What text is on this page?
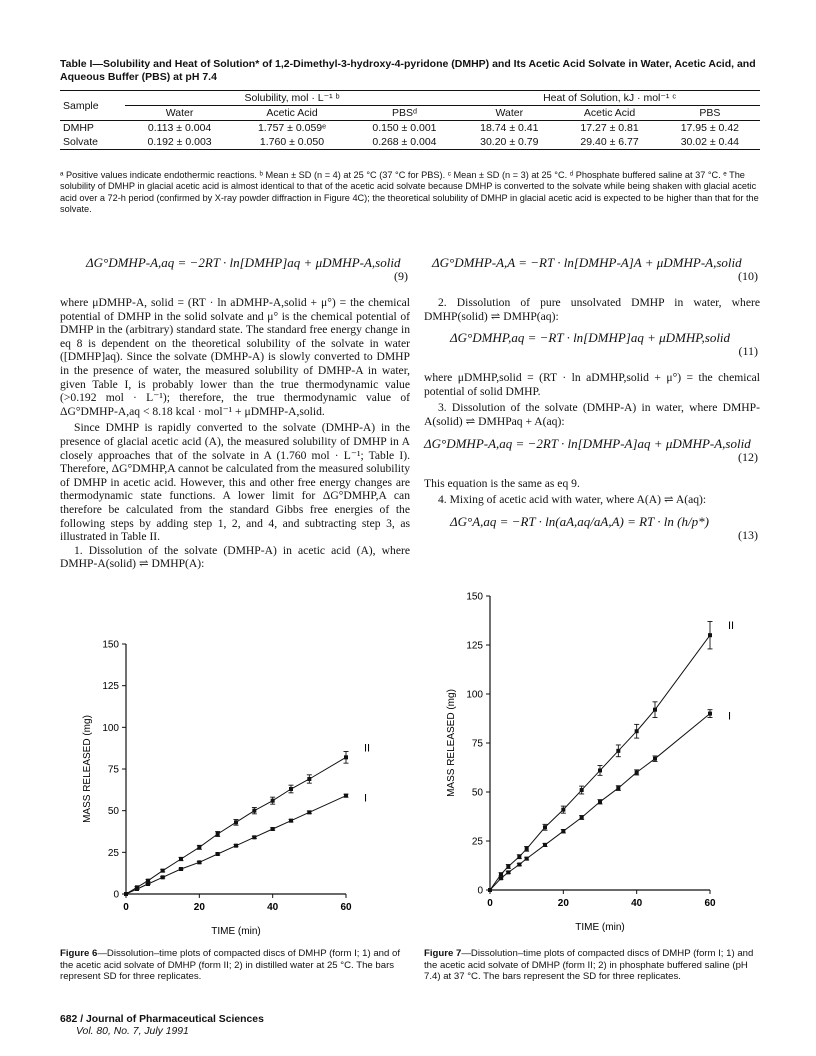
Table I—Solubility and Heat of Solution* of 1,2-Dimethyl-3-hydroxy-4-pyridone (DMHP) and Its Acetic Acid Solvate in Water, Acetic Acid, and Aqueous Buffer (PBS) at pH 7.4
Sample	Solubility, mol · L⁻¹ ᵇ			Heat of Solution, kJ · mol⁻¹ ᶜ		
	Water	Acetic Acid	PBSᵈ	Water	Acetic Acid	PBS
DMHP	0.113 ± 0.004	1.757 ± 0.059ᵉ	0.150 ± 0.001	18.74 ± 0.41	17.27 ± 0.81	17.95 ± 0.42
Solvate	0.192 ± 0.003	1.760 ± 0.050	0.268 ± 0.004	30.20 ± 0.79	29.40 ± 6.77	30.02 ± 0.44
ᵃ Positive values indicate endothermic reactions. ᵇ Mean ± SD (n = 4) at 25 °C (37 °C for PBS). ᶜ Mean ± SD (n = 3) at 25 °C. ᵈ Phosphate buffered saline at 37 °C. ᵉ The solubility of DMHP in glacial acetic acid is almost identical to that of the acetic acid solvate because DMHP is converted to the solvate while being shaken with glacial acetic acid over a 72-h period (confirmed by X-ray powder diffraction in Figure 4C); the theoretical solubility of DMHP in glacial acetic acid is expected to be higher than that for the solvate.
ΔG°DMHP-A,aq = −2RT · ln[DMHP]aq + μDMHP-A,solid
(9)

where μDMHP-A, solid = (RT · ln aDMHP-A,solid + μ°) = the chemical potential of DMHP in the solid solvate and μ° is the chemical potential of DMHP in the (arbitrary) standard state. The standard free energy change in eq 8 is dependent on the theoretical solubility of the solvate in water ([DMHP]aq). Since the solvate (DMHP-A) is slowly converted to DMHP in the presence of water, the measured solubility of DMHP-A in water, given Table I, is probably lower than the true thermodynamic value (>0.192 mol · L⁻¹); therefore, the true thermodynamic value of ΔG°DMHP-A,aq < 8.18 kcal · mol⁻¹ + μDMHP-A,solid.

Since DMHP is rapidly converted to the solvate (DMHP-A) in the presence of glacial acetic acid (A), the measured solubility of DMHP in A closely approaches that of the solvate in A (1.760 mol · L⁻¹; Table I). Therefore, ΔG°DMHP,A cannot be calculated from the measured solubility of DMHP in acetic acid. However, this and other free energy changes are thermodynamic state functions. A lower limit for ΔG°DMHP,A can therefore be calculated from the standard Gibbs free energies of the following steps by adding step 1, 2, and 4, and subtracting step 3, as illustrated in Table II.

1. Dissolution of the solvate (DMHP-A) in acetic acid (A), where DMHP-A(solid) ⇌ DMHP(A):

ΔG°DMHP-A,A = −RT · ln[DMHP-A]A + μDMHP-A,solid
(10)

2. Dissolution of pure unsolvated DMHP in water, where DMHP(solid) ⇌ DMHP(aq):

ΔG°DMHP,aq = −RT · ln[DMHP]aq + μDMHP,solid
(11)

where μDMHP,solid = (RT · ln aDMHP,solid + μ°) = the chemical potential of solid DMHP.

3. Dissolution of the solvate (DMHP-A) in water, where DMHP-A(solid) ⇌ DMHPaq + A(aq):

ΔG°DMHP-A,aq = −2RT · ln[DMHP-A]aq + μDMHP-A,solid
(12)

This equation is the same as eq 9.

4. Mixing of acetic acid with water, where A(A) ⇌ A(aq):

ΔG°A,aq = −RT · ln(aA,aq/aA,A) = RT · ln (h/p*)
(13)
0
25
50
75
100
125
150
0	20	40	60
TIME (min)
MASS RELEASED (mg)	II
I
0
25
50
75
100
125
150
0	20	40	60
TIME (min)
MASS RELEASED (mg)
II
I
Figure 6—Dissolution–time plots of compacted discs of DMHP (form I; 1) and of the acetic acid solvate of DMHP (form II; 2) in distilled water at 25 °C. The bars represent SD for three replicates.
Figure 7—Dissolution–time plots of compacted discs of DMHP (form I; 1) and the acetic acid solvate of DMHP (form II; 2) in phosphate buffered saline (pH 7.4) at 37 °C. The bars represent the SD for three replicates.
682 / Journal of Pharmaceutical Sciences
Vol. 80, No. 7, July 1991
